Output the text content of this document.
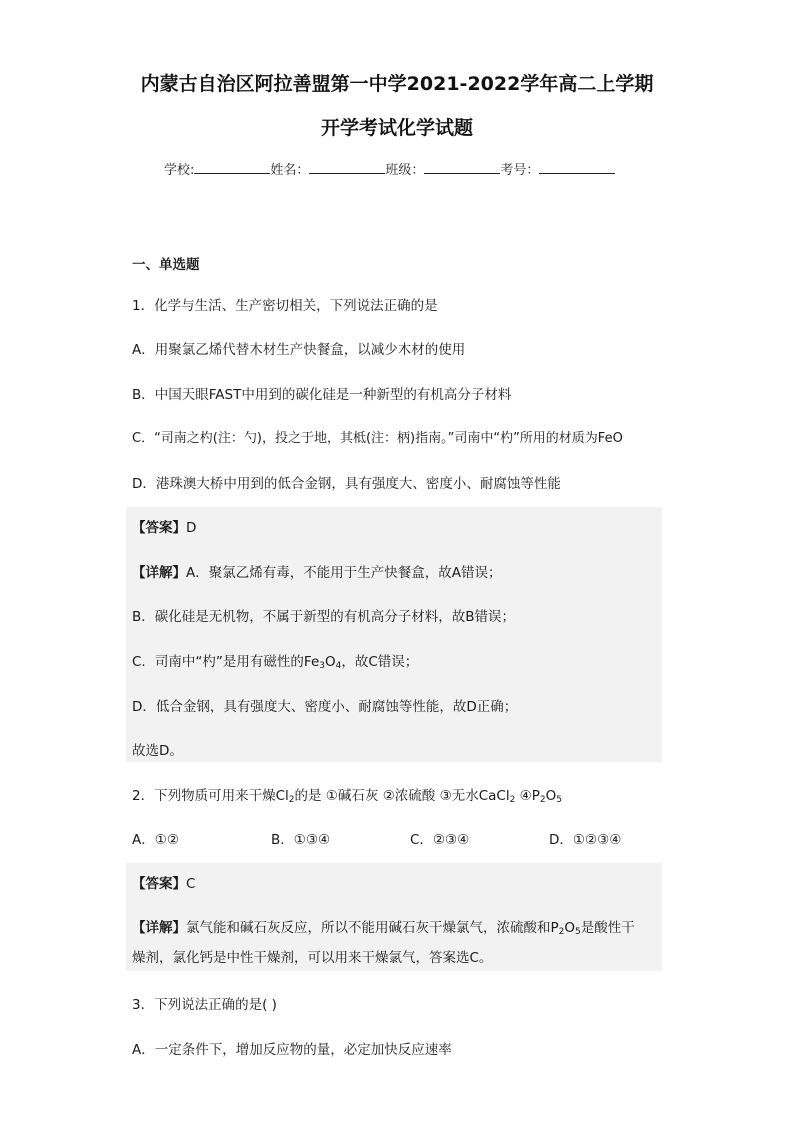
内蒙古自治区阿拉善盟第一中学2021-2022学年高二上学期
开学考试化学试题
学校:	姓名：	班级：	考号：
一、单选题
1．化学与生活、生产密切相关，下列说法正确的是
A．用聚氯乙烯代替木材生产快餐盒，以减少木材的使用
B．中国天眼FAST中用到的碳化硅是一种新型的有机高分子材料
C．“司南之杓(注：勺)，投之于地，其柢(注：柄)指南。”司南中“杓”所用的材质为FeO
D．港珠澳大桥中用到的低合金钢，具有强度大、密度小、耐腐蚀等性能
【答案】D
【详解】A．聚氯乙烯有毒，不能用于生产快餐盒，故A错误；
B．碳化硅是无机物，不属于新型的有机高分子材料，故B错误；
C．司南中“杓”是用有磁性的$Fe_3O_4$，故C错误；
D．低合金钢，具有强度大、密度小、耐腐蚀等性能，故D正确；
故选D。
2．下列物质可用来干燥$Cl_2$的是 ①碱石灰 ②浓硫酸 ③无水CaCl$_2$ $④P_2O_5$
A．①②	B．①③④	C．②③④	D．①②③④
【答案】C
【详解】氯气能和碱石灰反应，所以不能用碱石灰干燥氯气，浓硫酸和$P_2O_5$是酸性干
燥剂，氯化钙是中性干燥剂，可以用来干燥氯气，答案选C。
3．下列说法正确的是( )
A．一定条件下，增加反应物的量，必定加快反应速率
